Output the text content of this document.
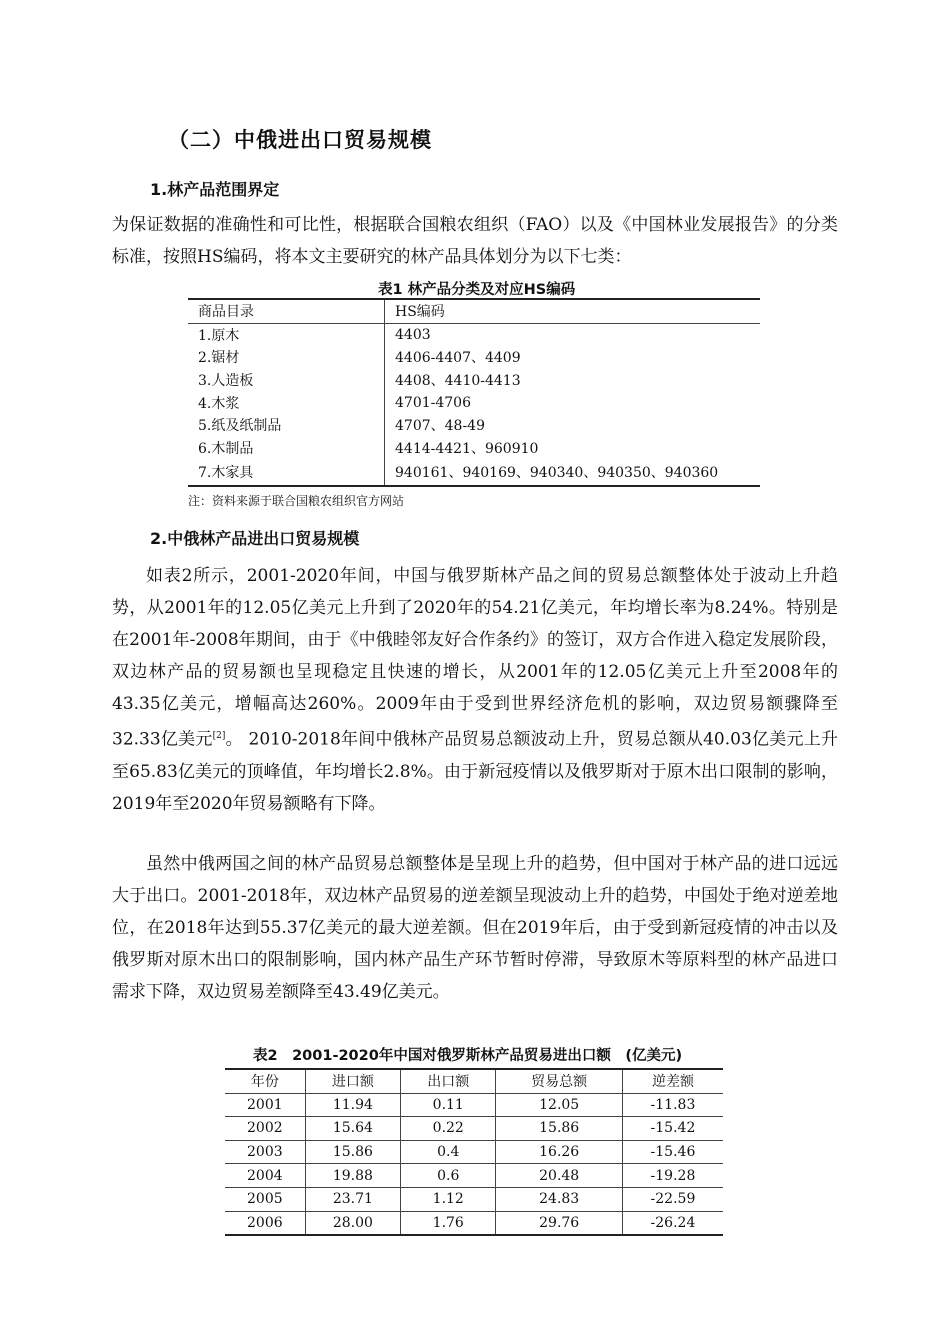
（二）中俄进出口贸易规模
1.林产品范围界定

为保证数据的准确性和可比性，根据联合国粮农组织（FAO）以及《中国林业发展报告》的分类标准，按照HS编码，将本文主要研究的林产品具体划分为以下七类：

表1 林产品分类及对应HS编码
商品目录	HS编码
1.原木	4403
2.锯材	4406-4407、4409
3.人造板	4408、4410-4413
4.木浆	4701-4706
5.纸及纸制品	4707、48-49
6.木制品	4414-4421、960910
7.木家具	940161、940169、940340、940350、940360
注：资料来源于联合国粮农组织官方网站
2.中俄林产品进出口贸易规模

如表2所示，2001-2020年间，中国与俄罗斯林产品之间的贸易总额整体处于波动上升趋势，从2001年的12.05亿美元上升到了2020年的54.21亿美元，年均增长率为8.24%。特别是在2001年-2008年期间，由于《中俄睦邻友好合作条约》的签订，双方合作进入稳定发展阶段，双边林产品的贸易额也呈现稳定且快速的增长，从2001年的12.05亿美元上升至2008年的43.35亿美元，增幅高达260%。2009年由于受到世界经济危机的影响，双边贸易额骤降至32.33亿美元[2]。 2010-2018年间中俄林产品贸易总额波动上升，贸易总额从40.03亿美元上升至65.83亿美元的顶峰值，年均增长2.8%。由于新冠疫情以及俄罗斯对于原木出口限制的影响，2019年至2020年贸易额略有下降。

虽然中俄两国之间的林产品贸易总额整体是呈现上升的趋势，但中国对于林产品的进口远远大于出口。2001-2018年，双边林产品贸易的逆差额呈现波动上升的趋势，中国处于绝对逆差地位，在2018年达到55.37亿美元的最大逆差额。但在2019年后，由于受到新冠疫情的冲击以及俄罗斯对原木出口的限制影响，国内林产品生产环节暂时停滞，导致原木等原料型的林产品进口需求下降，双边贸易差额降至43.49亿美元。

表2　2001-2020年中国对俄罗斯林产品贸易进出口额　(亿美元)
年份	进口额	出口额	贸易总额	逆差额
2001	11.94	0.11	12.05	-11.83
2002	15.64	0.22	15.86	-15.42
2003	15.86	0.4	16.26	-15.46
2004	19.88	0.6	20.48	-19.28
2005	23.71	1.12	24.83	-22.59
2006	28.00	1.76	29.76	-26.24
